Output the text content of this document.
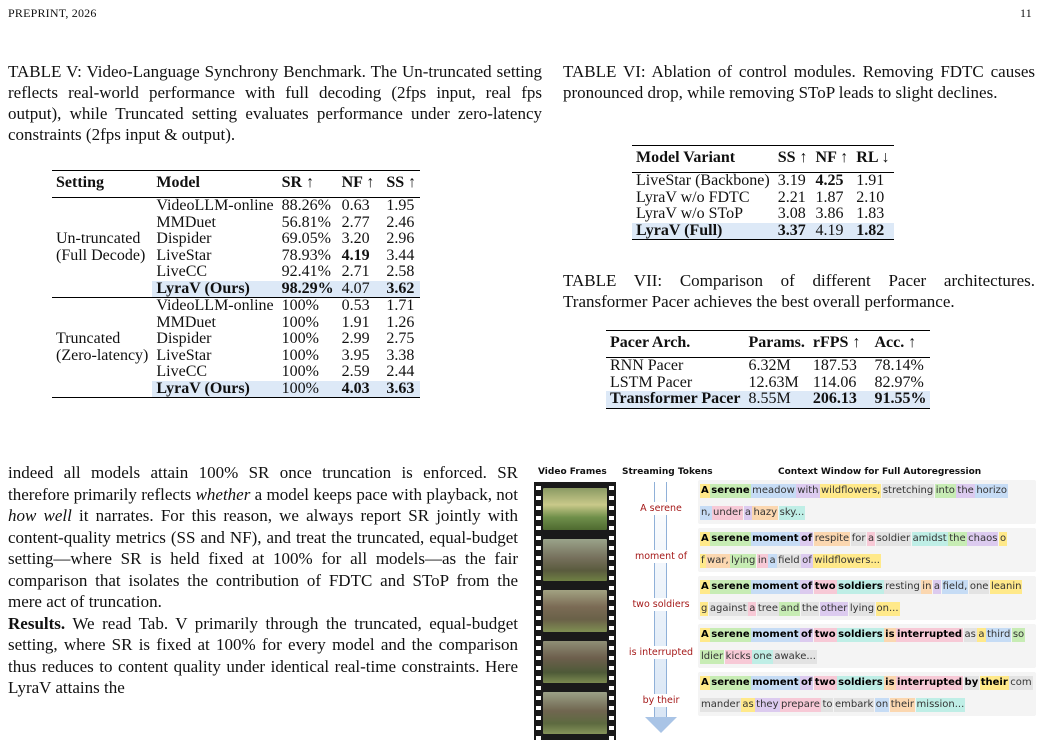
PREPRINT, 2026	11
TABLE V: Video-Language Synchrony Benchmark. The Un-truncated setting reflects real-world performance with full decoding (2fps input, real fps output), while Truncated setting evaluates performance under zero-latency constraints (2fps input & output).
Setting	Model	SR ↑	NF ↑	SS ↑

Un-truncated
(Full Decode)	VideoLLM-online	88.26%	0.63	1.95
	MMDuet	56.81%	2.77	2.46
	Dispider	69.05%	3.20	2.96
	LiveStar	78.93%	4.19	3.44
	LiveCC	92.41%	2.71	2.58
	LyraV (Ours)	98.29%	4.07	3.62

Truncated
(Zero-latency)	VideoLLM-online	100%	0.53	1.71
	MMDuet	100%	1.91	1.26
	Dispider	100%	2.99	2.75
	LiveStar	100%	3.95	3.38
	LiveCC	100%	2.59	2.44
	LyraV (Ours)	100%	4.03	3.63
TABLE VI: Ablation of control modules. Removing FDTC causes pronounced drop, while removing SToP leads to slight declines.
Model Variant	SS ↑	NF ↑	RL ↓
LiveStar (Backbone)	3.19	4.25	1.91
LyraV w/o FDTC	2.21	1.87	2.10
LyraV w/o SToP	3.08	3.86	1.83
LyraV (Full)	3.37	4.19	1.82
TABLE VII: Comparison of different Pacer architectures. Transformer Pacer achieves the best overall performance.
Pacer Arch.	Params.	rFPS ↑	Acc. ↑
RNN Pacer	6.32M	187.53	78.14%
LSTM Pacer	12.63M	114.06	82.97%
Transformer Pacer	8.55M	206.13	91.55%
indeed all models attain 100% SR once truncation is enforced. SR therefore primarily reflects whether a model keeps pace with playback, not how well it narrates. For this reason, we always report SR jointly with content-quality metrics (SS and NF), and treat the truncated, equal-budget setting—where SR is held fixed at 100% for all models—as the fair comparison that isolates the contribution of FDTC and SToP from the mere act of truncation.
Results. We read Tab. V primarily through the truncated, equal-budget setting, where SR is fixed at 100% for every model and the comparison thus reduces to content quality under identical real-time constraints. Here LyraV attains the
Video Frames Streaming Tokens	Context Window for Full Autoregression
A serene
moment of
two soldiers
is interrupted
by their
A serene meadow with wildflowers, stretching into the horizo
n, under a hazy sky...
A serene moment of respite for a soldier amidst the chaos o
f war, lying in a field of wildflowers...
A serene moment of two soldiers resting in a field, one leanin
g against a tree and the other lying on...
A serene moment of two soldiers is interrupted as a third so
ldier kicks one awake...
A serene moment of two soldiers is interrupted by their com
mander as they prepare to embark on their mission...
